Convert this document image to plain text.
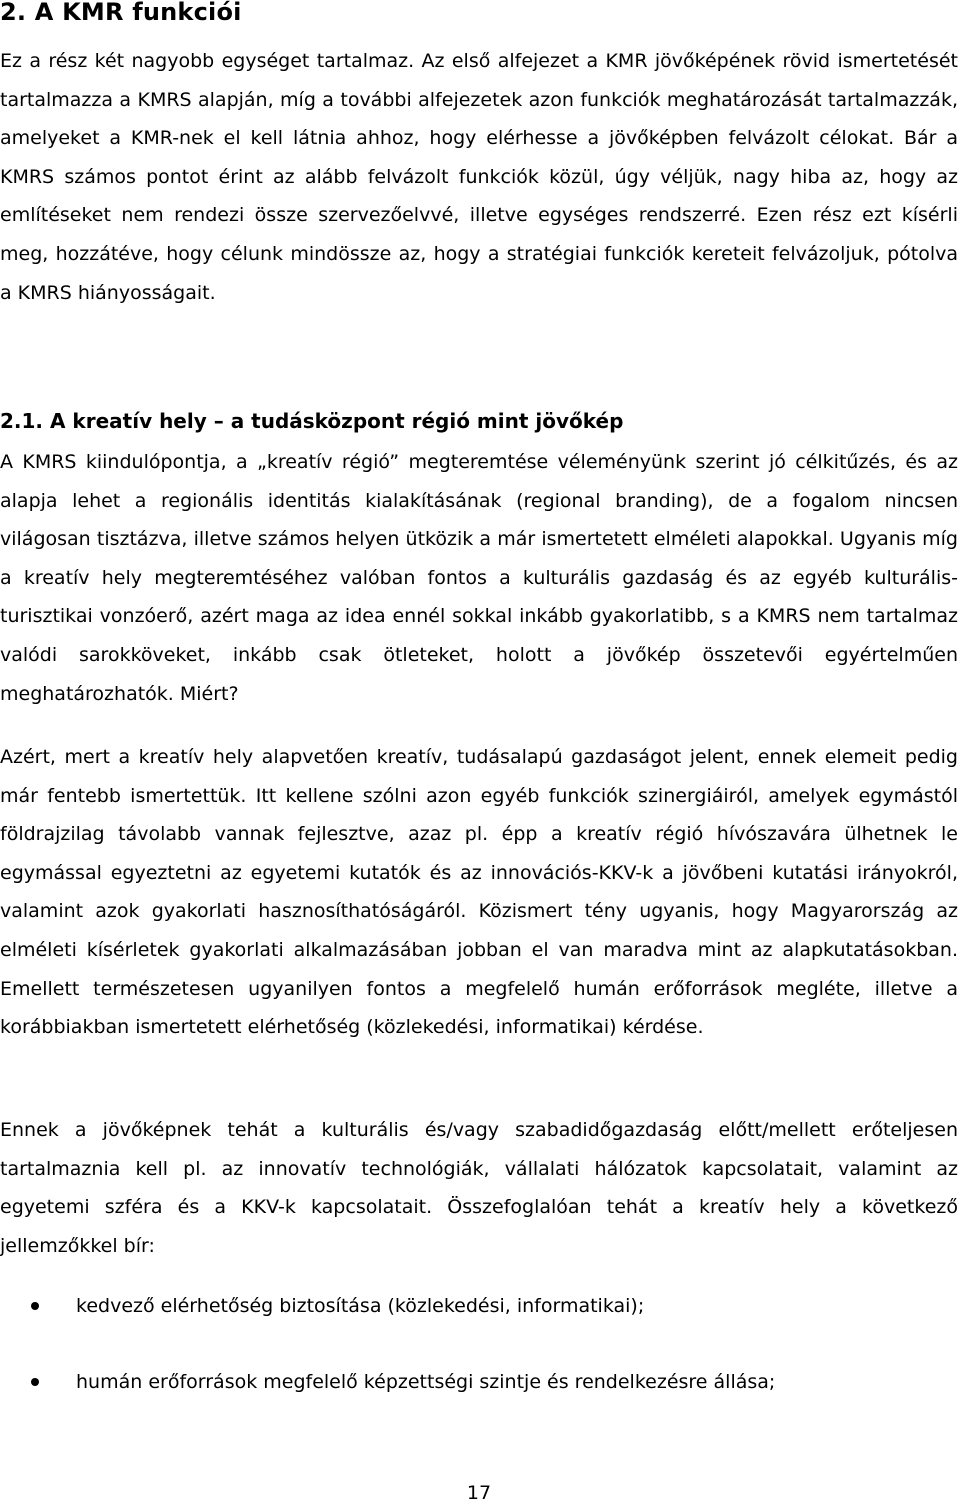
2. A KMR funkciói

Ez a rész két nagyobb egységet tartalmaz. Az első alfejezet a KMR jövőképének rövid ismertetését tartalmazza a KMRS alapján, míg a további alfejezetek azon funkciók meghatározását tartalmazzák, amelyeket a KMR-nek el kell látnia ahhoz, hogy elérhesse a jövőképben felvázolt célokat. Bár a KMRS számos pontot érint az alább felvázolt funkciók közül, úgy véljük, nagy hiba az, hogy az említéseket nem rendezi össze szervezőelvvé, illetve egységes rendszerré. Ezen rész ezt kísérli meg, hozzátéve, hogy célunk mindössze az, hogy a stratégiai funkciók kereteit felvázoljuk, pótolva a KMRS hiányosságait.

2.1. A kreatív hely – a tudásközpont régió mint jövőkép

A KMRS kiindulópontja, a „kreatív régió” megteremtése véleményünk szerint jó célkitűzés, és az alapja lehet a regionális identitás kialakításának (regional branding), de a fogalom nincsen világosan tisztázva, illetve számos helyen ütközik a már ismertetett elméleti alapokkal. Ugyanis míg a kreatív hely megteremtéséhez valóban fontos a kulturális gazdaság és az egyéb kulturális-turisztikai vonzóerő, azért maga az idea ennél sokkal inkább gyakorlatibb, s a KMRS nem tartalmaz valódi sarokköveket, inkább csak ötleteket, holott a jövőkép összetevői egyértelműen meghatározhatók. Miért?

Azért, mert a kreatív hely alapvetően kreatív, tudásalapú gazdaságot jelent, ennek elemeit pedig már fentebb ismertettük. Itt kellene szólni azon egyéb funkciók szinergiáiról, amelyek egymástól földrajzilag távolabb vannak fejlesztve, azaz pl. épp a kreatív régió hívószavára ülhetnek le egymással egyeztetni az egyetemi kutatók és az innovációs-KKV-k a jövőbeni kutatási irányokról, valamint azok gyakorlati hasznosíthatóságáról. Közismert tény ugyanis, hogy Magyarország az elméleti kísérletek gyakorlati alkalmazásában jobban el van maradva mint az alapkutatásokban. Emellett természetesen ugyanilyen fontos a megfelelő humán erőforrások megléte, illetve a korábbiakban ismertetett elérhetőség (közlekedési, informatikai) kérdése.

Ennek a jövőképnek tehát a kulturális és/vagy szabadidőgazdaság előtt/mellett erőteljesen tartalmaznia kell pl. az innovatív technológiák, vállalati hálózatok kapcsolatait, valamint az egyetemi szféra és a KKV-k kapcsolatait. Összefoglalóan tehát a kreatív hely a következő jellemzőkkel bír:

kedvező elérhetőség biztosítása (közlekedési, informatikai);
humán erőforrások megfelelő képzettségi szintje és rendelkezésre állása;
17
